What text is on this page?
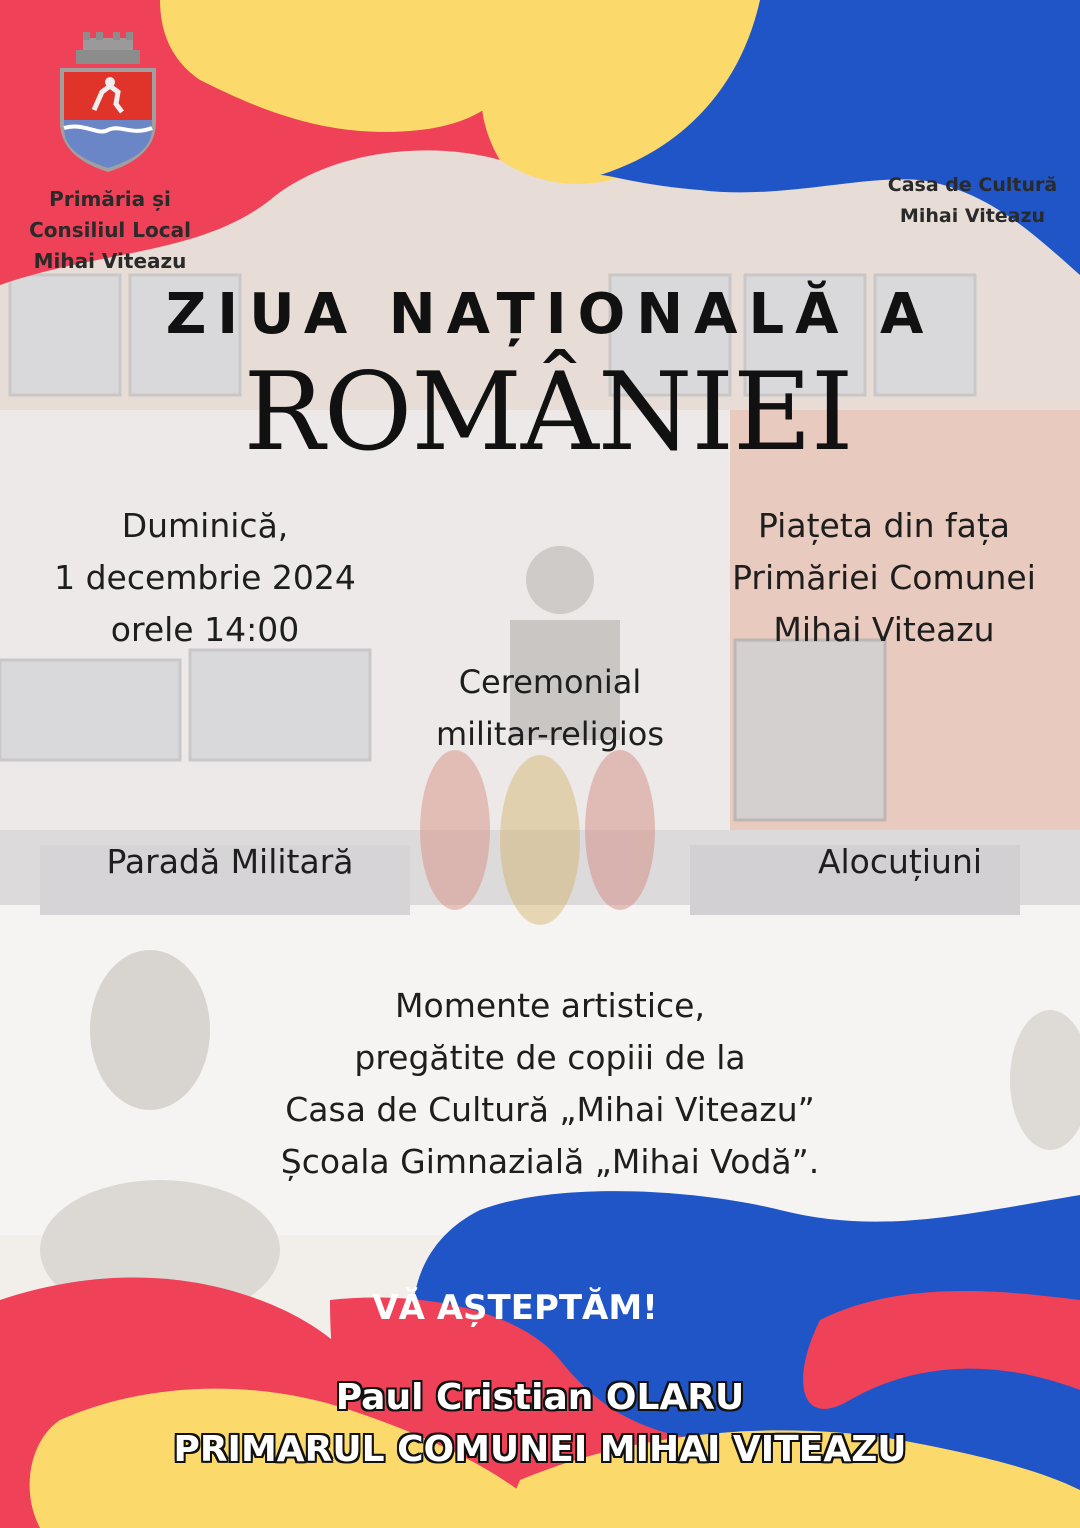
Primăria și
Consiliul Local
Mihai Viteazu
Casa de Cultură
Mihai Viteazu
ZIUA NAȚIONALĂ A
ROMÂNIEI
Duminică,
1 decembrie 2024
orele 14:00
Piațeta din fața
Primăriei Comunei
Mihai Viteazu
Ceremonial
militar-religios
Paradă Militară	Alocuțiuni
Momente artistice,
pregătite de copiii de la
Casa de Cultură „Mihai Viteazu”
Școala Gimnazială „Mihai Vodă”.
VĂ AȘTEPTĂM!
Paul Cristian OLARU
PRIMARUL COMUNEI MIHAI VITEAZU
